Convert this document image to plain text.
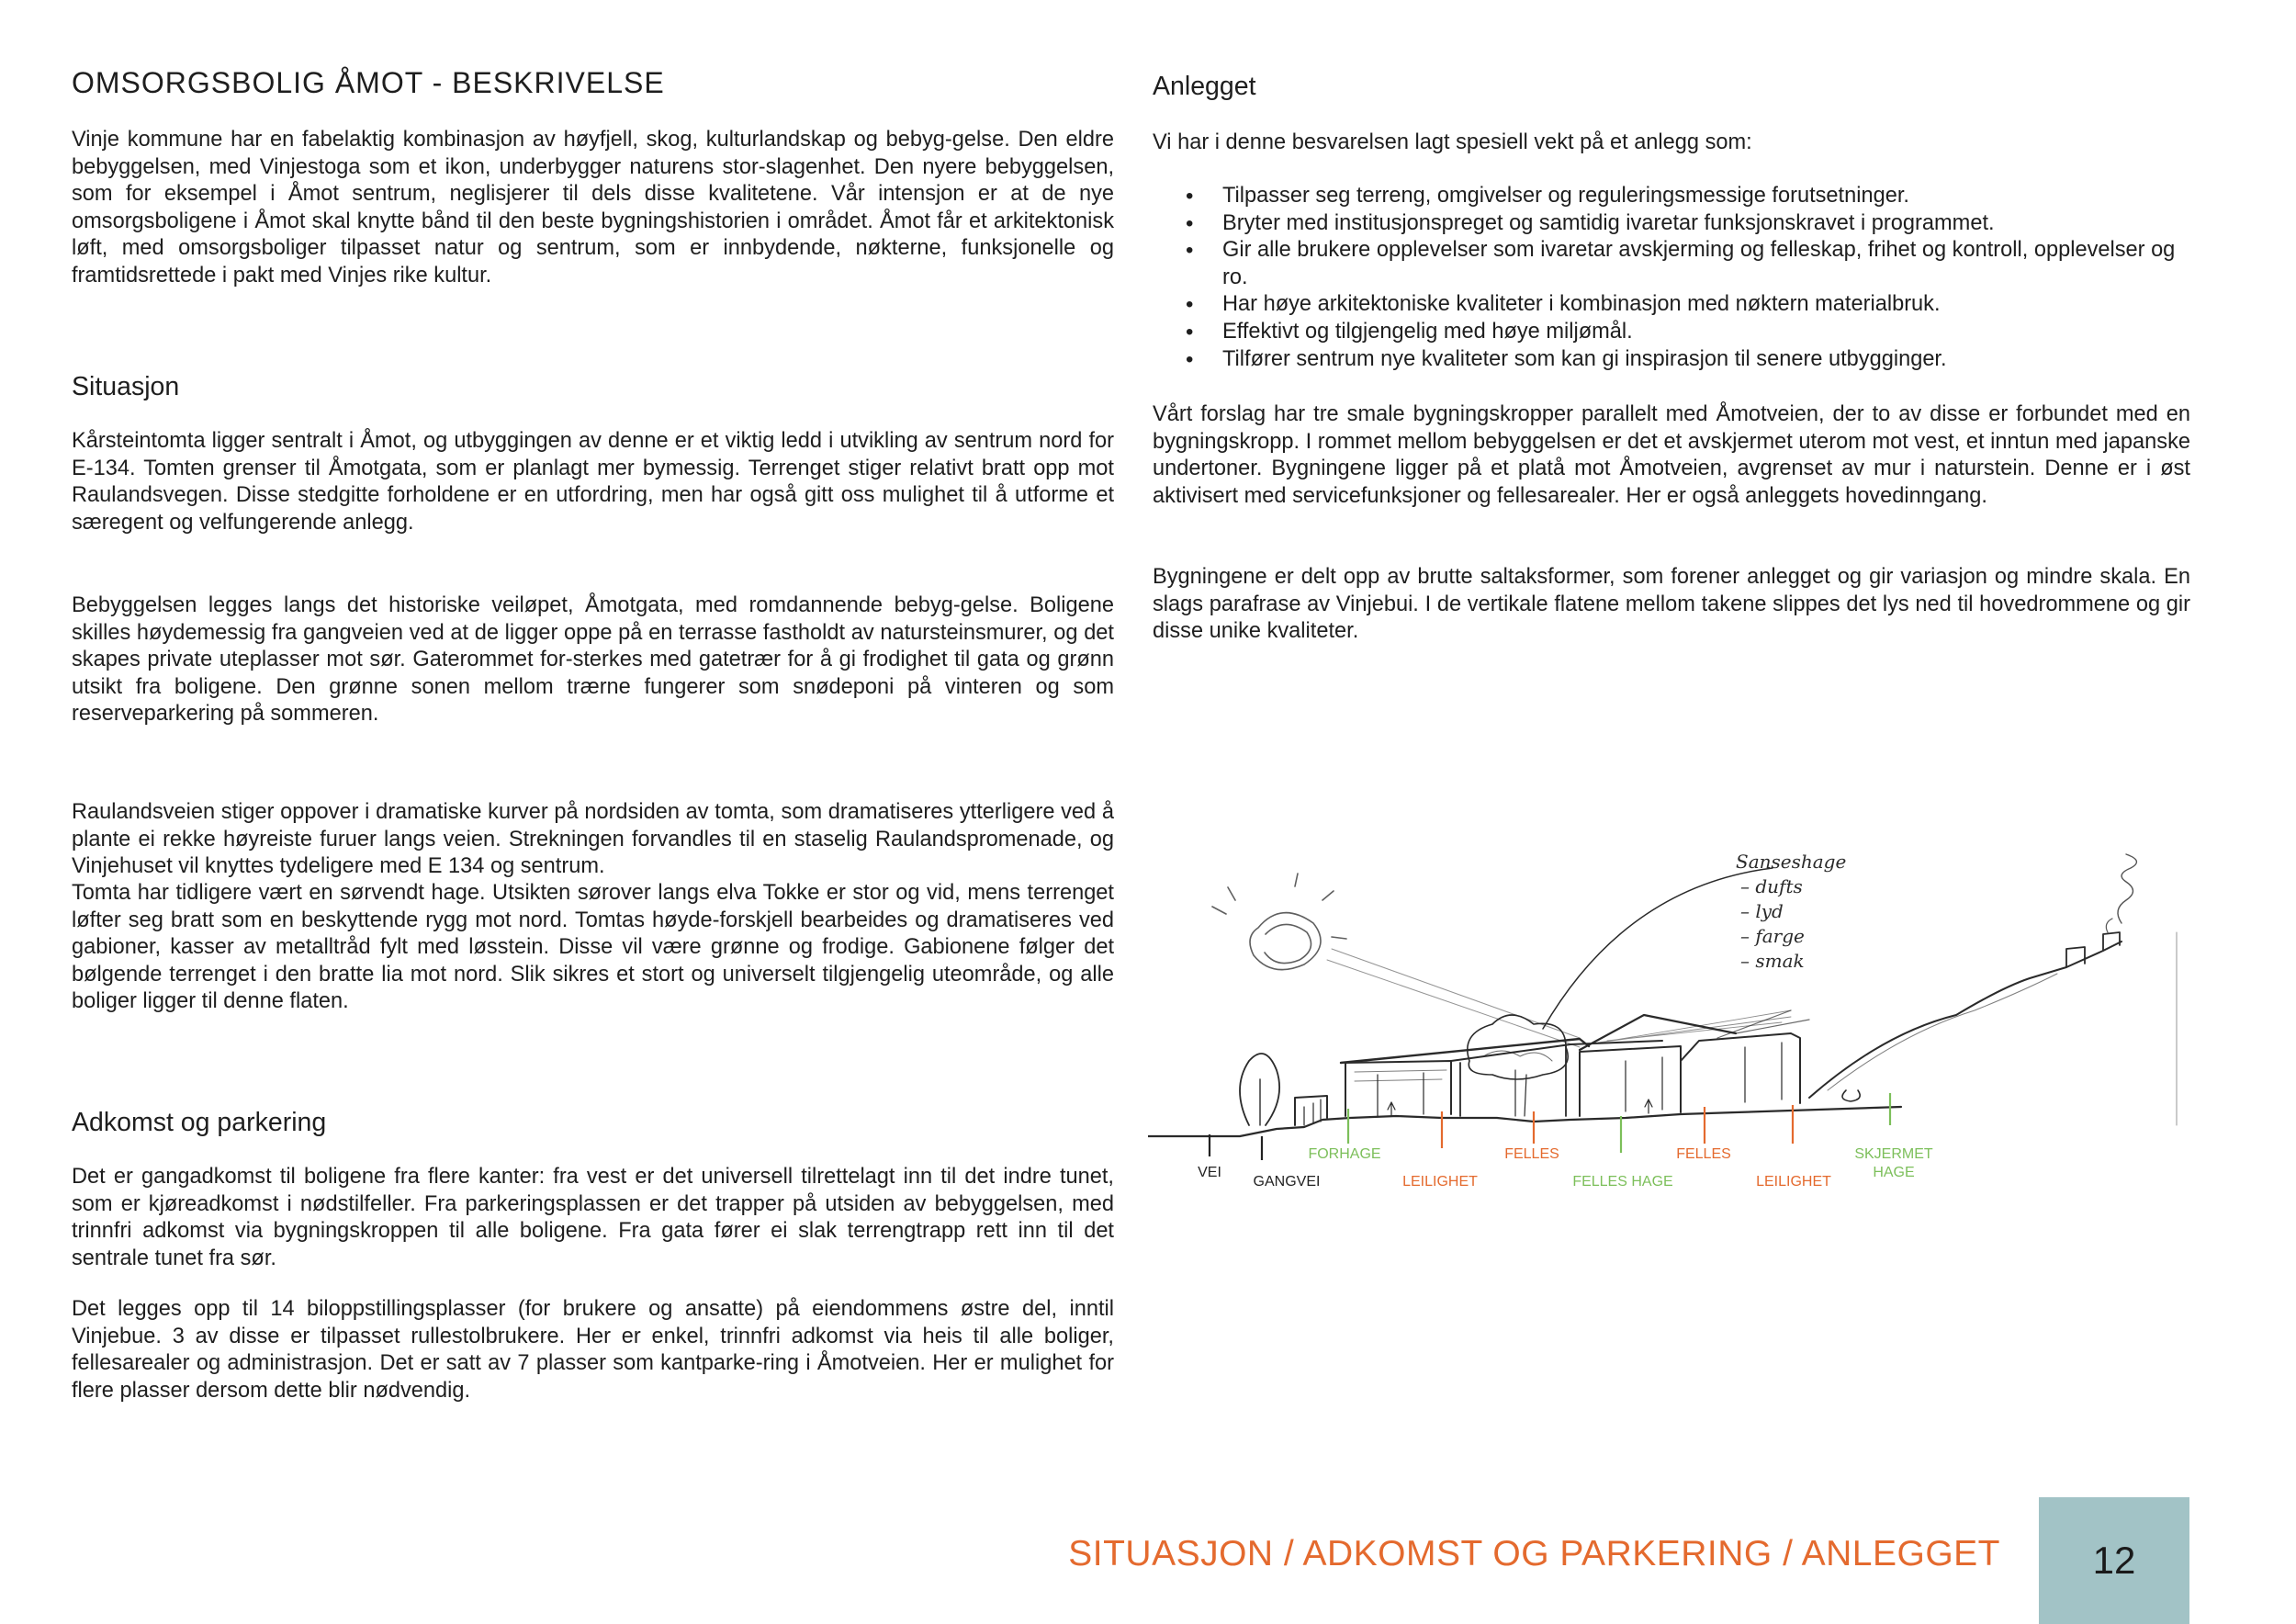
OMSORGSBOLIG ÅMOT - BESKRIVELSE

Vinje kommune har en fabelaktig kombinasjon av høyfjell, skog, kulturlandskap og bebyg-gelse. Den eldre bebyggelsen, med Vinjestoga som et ikon, underbygger naturens stor-slagenhet. Den nyere bebyggelsen, som for eksempel i Åmot sentrum, neglisjerer til dels disse kvalitetene. Vår intensjon er at de nye omsorgsboligene i Åmot skal knytte bånd til den beste bygningshistorien i området. Åmot får et arkitektonisk løft, med omsorgsboliger tilpasset natur og sentrum, som er innbydende, nøkterne, funksjonelle og framtidsrettede i pakt med Vinjes rike kultur.

Situasjon

Kårsteintomta ligger sentralt i Åmot, og utbyggingen av denne er et viktig ledd i utvikling av sentrum nord for E-134. Tomten grenser til Åmotgata, som er planlagt mer bymessig. Terrenget stiger relativt bratt opp mot Raulandsvegen. Disse stedgitte forholdene er en utfordring, men har også gitt oss mulighet til å utforme et særegent og velfungerende anlegg.

Bebyggelsen legges langs det historiske veiløpet, Åmotgata, med romdannende bebyg-gelse. Boligene skilles høydemessig fra gangveien ved at de ligger oppe på en terrasse fastholdt av natursteinsmurer, og det skapes private uteplasser mot sør. Gaterommet for-sterkes med gatetrær for å gi frodighet til gata og grønn utsikt fra boligene. Den grønne sonen mellom trærne fungerer som snødeponi på vinteren og som reserveparkering på sommeren.

Raulandsveien stiger oppover i dramatiske kurver på nordsiden av tomta, som dramatiseres ytterligere ved å plante ei rekke høyreiste furuer langs veien. Strekningen forvandles til en staselig Raulandspromenade, og Vinjehuset vil knyttes tydeligere med E 134 og sentrum.

Tomta har tidligere vært en sørvendt hage. Utsikten sørover langs elva Tokke er stor og vid, mens terrenget løfter seg bratt som en beskyttende rygg mot nord. Tomtas høyde-forskjell bearbeides og dramatiseres ved gabioner, kasser av metalltråd fylt med løsstein. Disse vil være grønne og frodige. Gabionene følger det bølgende terrenget i den bratte lia mot nord. Slik sikres et stort og universelt tilgjengelig uteområde, og alle boliger ligger til denne flaten.

Adkomst og parkering

Det er gangadkomst til boligene fra flere kanter: fra vest er det universell tilrettelagt inn til det indre tunet, som er kjøreadkomst i nødstilfeller. Fra parkeringsplassen er det trapper på utsiden av bebyggelsen, med trinnfri adkomst via bygningskroppen til alle boligene. Fra gata fører ei slak terrengtrapp rett inn til det sentrale tunet fra sør.

Det legges opp til 14 biloppstillingsplasser (for brukere og ansatte) på eiendommens østre del, inntil Vinjebue. 3 av disse er tilpasset rullestolbrukere. Her er enkel, trinnfri adkomst via heis til alle boliger, fellesarealer og administrasjon. Det er satt av 7 plasser som kantparke-ring i Åmotveien. Her er mulighet for flere plasser dersom dette blir nødvendig.

Anlegget

Vi har i denne besvarelsen lagt spesiell vekt på et anlegg som:

• Tilpasser seg terreng, omgivelser og reguleringsmessige forutsetninger.
• Bryter med institusjonspreget og samtidig ivaretar funksjonskravet i programmet.
• Gir alle brukere opplevelser som ivaretar avskjerming og felleskap, frihet og kontroll, opplevelser og ro.
• Har høye arkitektoniske kvaliteter i kombinasjon med nøktern materialbruk.
• Effektivt og tilgjengelig med høye miljømål.
• Tilfører sentrum nye kvaliteter som kan gi inspirasjon til senere utbygginger.

Vårt forslag har tre smale bygningskropper parallelt med Åmotveien, der to av disse er forbundet med en bygningskropp. I rommet mellom bebyggelsen er det et avskjermet uterom mot vest, et inntun med japanske undertoner. Bygningene ligger på et platå mot Åmotveien, avgrenset av mur i naturstein. Denne er i øst aktivisert med servicefunksjoner og fellesarealer. Her er også anleggets hovedinngang.

Bygningene er delt opp av brutte saltaksformer, som forener anlegget og gir variasjon og mindre skala. En slags parafrase av Vinjebui. I de vertikale flatene mellom takene slippes det lys ned til hovedrommene og gir disse unike kvaliteter.

Sanseshage
– dufts
– lyd
– farge
– smak
VEI
GANGVEI
FORHAGE
LEILIGHET
FELLES
FELLES HAGE
FELLES
LEILIGHET
SKJERMET
HAGE
SITUASJON / ADKOMST OG PARKERING / ANLEGGET 12
